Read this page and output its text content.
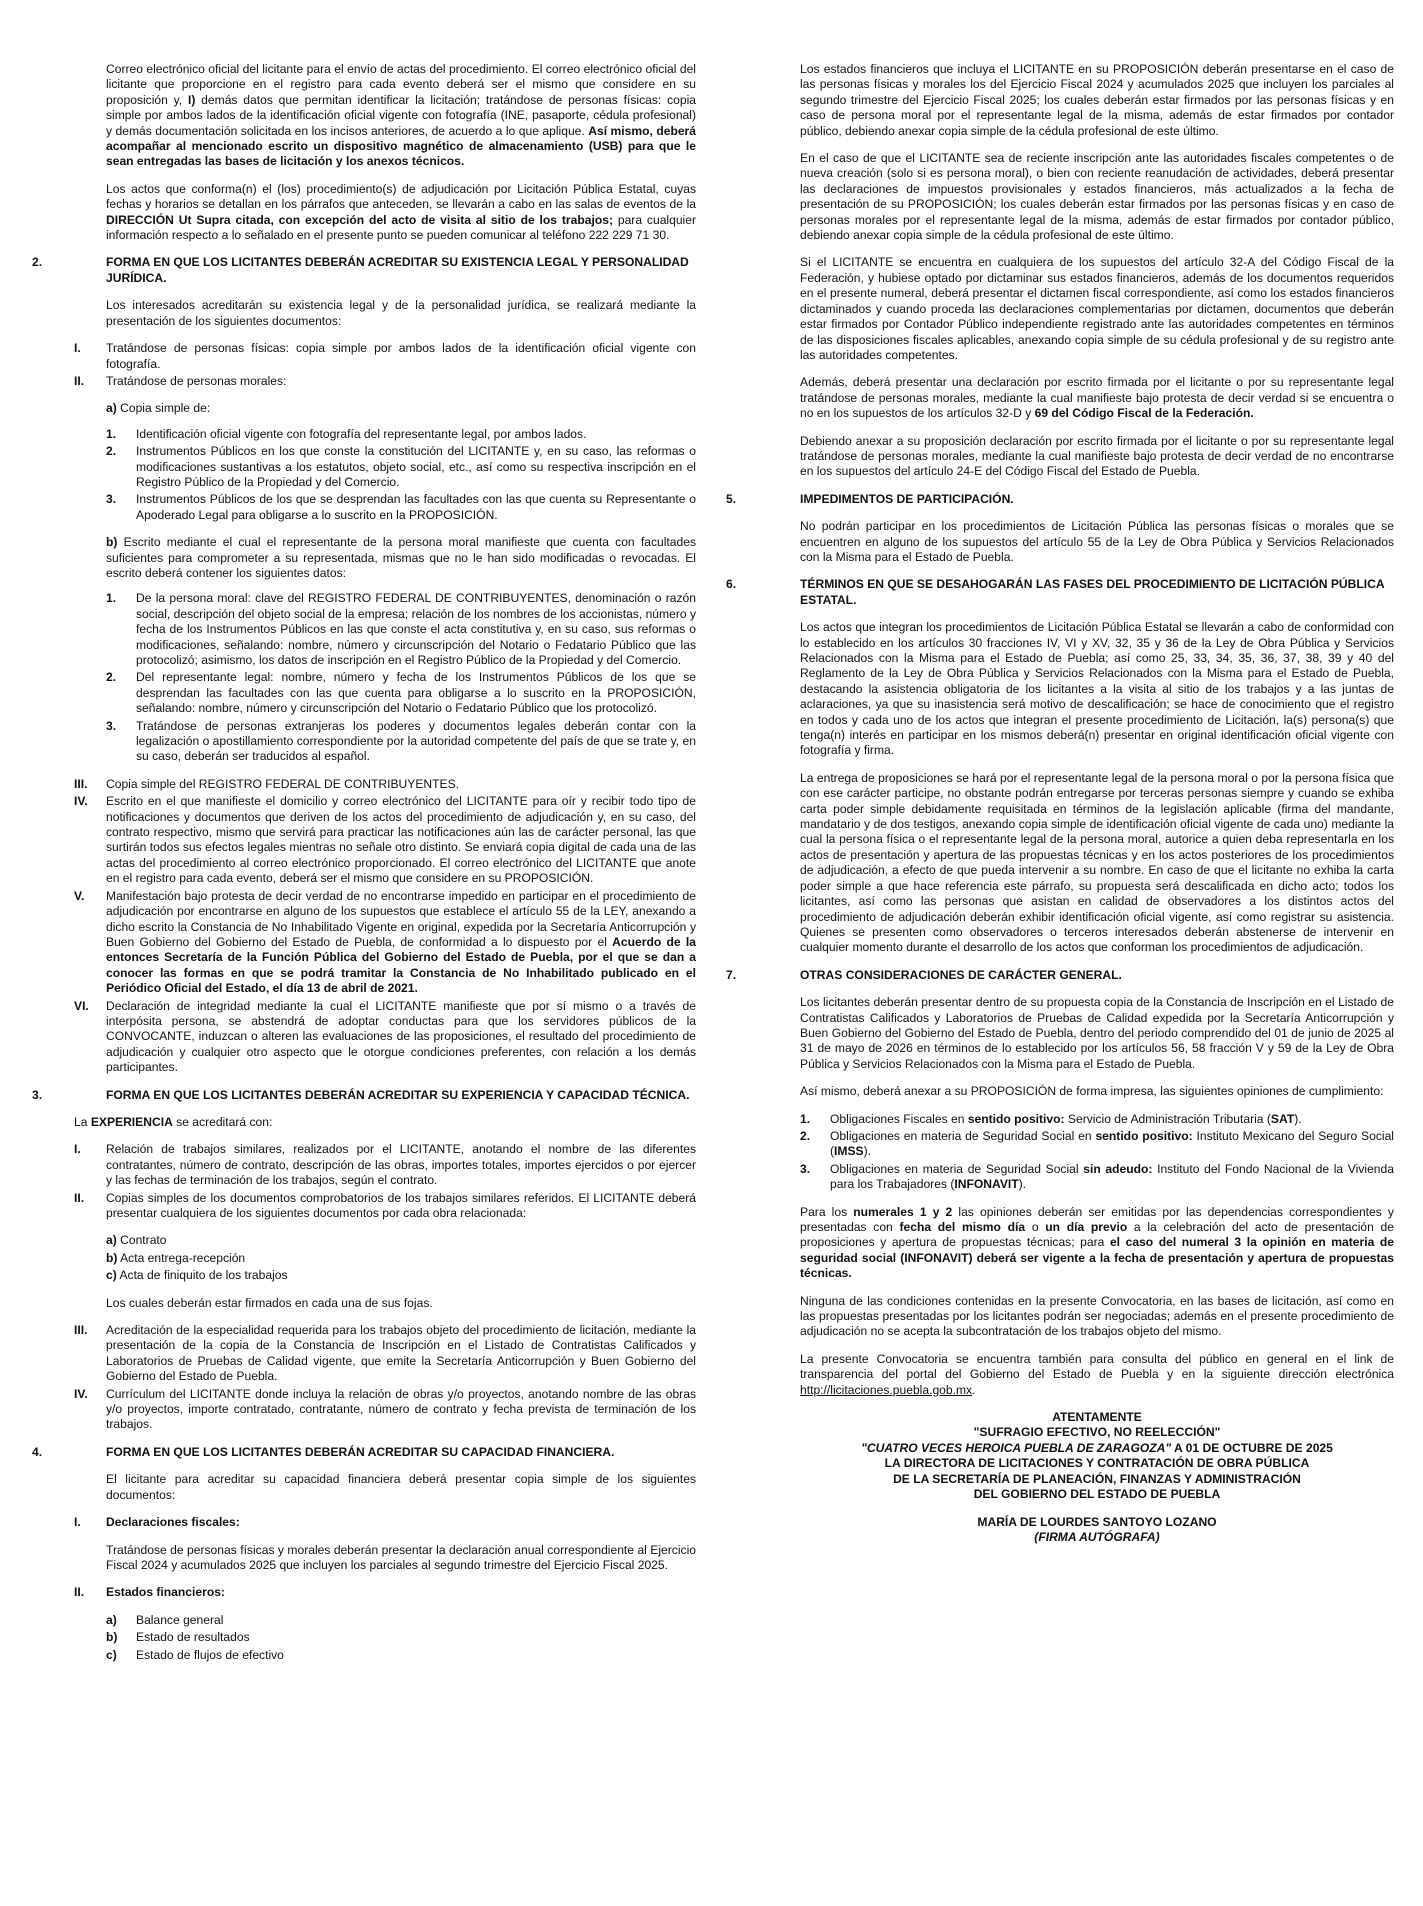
Correo electrónico oficial del licitante para el envío de actas del procedimiento. El correo electrónico oficial del licitante que proporcione en el registro para cada evento deberá ser el mismo que considere en su proposición y, I) demás datos que permitan identificar la licitación; tratándose de personas físicas: copia simple por ambos lados de la identificación oficial vigente con fotografía (INE, pasaporte, cédula profesional) y demás documentación solicitada en los incisos anteriores, de acuerdo a lo que aplique. Así mismo, deberá acompañar al mencionado escrito un dispositivo magnético de almacenamiento (USB) para que le sean entregadas las bases de licitación y los anexos técnicos.

Los actos que conforma(n) el (los) procedimiento(s) de adjudicación por Licitación Pública Estatal, cuyas fechas y horarios se detallan en los párrafos que anteceden, se llevarán a cabo en las salas de eventos de la DIRECCIÓN Ut Supra citada, con excepción del acto de visita al sitio de los trabajos; para cualquier información respecto a lo señalado en el presente punto se pueden comunicar al teléfono 222 229 71 30.

2.	FORMA EN QUE LOS LICITANTES DEBERÁN ACREDITAR SU EXISTENCIA LEGAL Y PERSONALIDAD JURÍDICA.

Los interesados acreditarán su existencia legal y de la personalidad jurídica, se realizará mediante la presentación de los siguientes documentos:

I.	Tratándose de personas físicas: copia simple por ambos lados de la identificación oficial vigente con fotografía.
II.	Tratándose de personas morales:

a) Copia simple de:

1.	Identificación oficial vigente con fotografía del representante legal, por ambos lados.
2.	Instrumentos Públicos en los que conste la constitución del LICITANTE y, en su caso, las reformas o modificaciones sustantivas a los estatutos, objeto social, etc., así como su respectiva inscripción en el Registro Público de la Propiedad y del Comercio.
3.	Instrumentos Públicos de los que se desprendan las facultades con las que cuenta su Representante o Apoderado Legal para obligarse a lo suscrito en la PROPOSICIÓN.

b) Escrito mediante el cual el representante de la persona moral manifieste que cuenta con facultades suficientes para comprometer a su representada, mismas que no le han sido modificadas o revocadas. El escrito deberá contener los siguientes datos:

1.	De la persona moral: clave del REGISTRO FEDERAL DE CONTRIBUYENTES, denominación o razón social, descripción del objeto social de la empresa; relación de los nombres de los accionistas, número y fecha de los Instrumentos Públicos en las que conste el acta constitutiva y, en su caso, sus reformas o modificaciones, señalando: nombre, número y circunscripción del Notario o Fedatario Público que las protocolizó; asimismo, los datos de inscripción en el Registro Público de la Propiedad y del Comercio.
2.	Del representante legal: nombre, número y fecha de los Instrumentos Públicos de los que se desprendan las facultades con las que cuenta para obligarse a lo suscrito en la PROPOSICIÓN, señalando: nombre, número y circunscripción del Notario o Fedatario Público que los protocolizó.
3.	Tratándose de personas extranjeras los poderes y documentos legales deberán contar con la legalización o apostillamiento correspondiente por la autoridad competente del país de que se trate y, en su caso, deberán ser traducidos al español.
III.	Copia simple del REGISTRO FEDERAL DE CONTRIBUYENTES.
IV.	Escrito en el que manifieste el domicilio y correo electrónico del LICITANTE para oír y recibir todo tipo de notificaciones y documentos que deriven de los actos del procedimiento de adjudicación y, en su caso, del contrato respectivo, mismo que servirá para practicar las notificaciones aún las de carácter personal, las que surtirán todos sus efectos legales mientras no señale otro distinto. Se enviará copia digital de cada una de las actas del procedimiento al correo electrónico proporcionado. El correo electrónico del LICITANTE que anote en el registro para cada evento, deberá ser el mismo que considere en su PROPOSICIÓN.
V.	Manifestación bajo protesta de decir verdad de no encontrarse impedido en participar en el procedimiento de adjudicación por encontrarse en alguno de los supuestos que establece el artículo 55 de la LEY, anexando a dicho escrito la Constancia de No Inhabilitado Vigente en original, expedida por la Secretaría Anticorrupción y Buen Gobierno del Gobierno del Estado de Puebla, de conformidad a lo dispuesto por el Acuerdo de la entonces Secretaría de la Función Pública del Gobierno del Estado de Puebla, por el que se dan a conocer las formas en que se podrá tramitar la Constancia de No Inhabilitado publicado en el Periódico Oficial del Estado, el día 13 de abril de 2021.
VI.	Declaración de integridad mediante la cual el LICITANTE manifieste que por sí mismo o a través de interpósita persona, se abstendrá de adoptar conductas para que los servidores públicos de la CONVOCANTE, induzcan o alteren las evaluaciones de las proposiciones, el resultado del procedimiento de adjudicación y cualquier otro aspecto que le otorgue condiciones preferentes, con relación a los demás participantes.
3.	FORMA EN QUE LOS LICITANTES DEBERÁN ACREDITAR SU EXPERIENCIA Y CAPACIDAD TÉCNICA.

La EXPERIENCIA se acreditará con:

I.	Relación de trabajos similares, realizados por el LICITANTE, anotando el nombre de las diferentes contratantes, número de contrato, descripción de las obras, importes totales, importes ejercidos o por ejercer y las fechas de terminación de los trabajos, según el contrato.
II.	Copias simples de los documentos comprobatorios de los trabajos similares referidos. El LICITANTE deberá presentar cualquiera de los siguientes documentos por cada obra relacionada:
a) Contrato
b) Acta entrega-recepción
c) Acta de finiquito de los trabajos

Los cuales deberán estar firmados en cada una de sus fojas.

III.	Acreditación de la especialidad requerida para los trabajos objeto del procedimiento de licitación, mediante la presentación de la copia de la Constancia de Inscripción en el Listado de Contratistas Calificados y Laboratorios de Pruebas de Calidad vigente, que emite la Secretaría Anticorrupción y Buen Gobierno del Gobierno del Estado de Puebla.
IV.	Currículum del LICITANTE donde incluya la relación de obras y/o proyectos, anotando nombre de las obras y/o proyectos, importe contratado, contratante, número de contrato y fecha prevista de terminación de los trabajos.
4.	FORMA EN QUE LOS LICITANTES DEBERÁN ACREDITAR SU CAPACIDAD FINANCIERA.

El licitante para acreditar su capacidad financiera deberá presentar copia simple de los siguientes documentos:

I.	Declaraciones fiscales:

Tratándose de personas físicas y morales deberán presentar la declaración anual correspondiente al Ejercicio Fiscal 2024 y acumulados 2025 que incluyen los parciales al segundo trimestre del Ejercicio Fiscal 2025.

II.	Estados financieros:
a)	Balance general
b)	Estado de resultados
c)	Estado de flujos de efectivo

Los estados financieros que incluya el LICITANTE en su PROPOSICIÓN deberán presentarse en el caso de las personas físicas y morales los del Ejercicio Fiscal 2024 y acumulados 2025 que incluyen los parciales al segundo trimestre del Ejercicio Fiscal 2025; los cuales deberán estar firmados por las personas físicas y en caso de persona moral por el representante legal de la misma, además de estar firmados por contador público, debiendo anexar copia simple de la cédula profesional de este último.

En el caso de que el LICITANTE sea de reciente inscripción ante las autoridades fiscales competentes o de nueva creación (solo si es persona moral), o bien con reciente reanudación de actividades, deberá presentar las declaraciones de impuestos provisionales y estados financieros, más actualizados a la fecha de presentación de su PROPOSICIÓN; los cuales deberán estar firmados por las personas físicas y en caso de personas morales por el representante legal de la misma, además de estar firmados por contador público, debiendo anexar copia simple de la cédula profesional de este último.

Si el LICITANTE se encuentra en cualquiera de los supuestos del artículo 32-A del Código Fiscal de la Federación, y hubiese optado por dictaminar sus estados financieros, además de los documentos requeridos en el presente numeral, deberá presentar el dictamen fiscal correspondiente, así como los estados financieros dictaminados y cuando proceda las declaraciones complementarias por dictamen, documentos que deberán estar firmados por Contador Público independiente registrado ante las autoridades competentes en términos de las disposiciones fiscales aplicables, anexando copia simple de su cédula profesional y de su registro ante las autoridades competentes.

Además, deberá presentar una declaración por escrito firmada por el licitante o por su representante legal tratándose de personas morales, mediante la cual manifieste bajo protesta de decir verdad si se encuentra o no en los supuestos de los artículos 32-D y 69 del Código Fiscal de la Federación.

Debiendo anexar a su proposición declaración por escrito firmada por el licitante o por su representante legal tratándose de personas morales, mediante la cual manifieste bajo protesta de decir verdad de no encontrarse en los supuestos del artículo 24-E del Código Fiscal del Estado de Puebla.

5.	IMPEDIMENTOS DE PARTICIPACIÓN.

No podrán participar en los procedimientos de Licitación Pública las personas físicas o morales que se encuentren en alguno de los supuestos del artículo 55 de la Ley de Obra Pública y Servicios Relacionados con la Misma para el Estado de Puebla.

6.	TÉRMINOS EN QUE SE DESAHOGARÁN LAS FASES DEL PROCEDIMIENTO DE LICITACIÓN PÚBLICA ESTATAL.

Los actos que integran los procedimientos de Licitación Pública Estatal se llevarán a cabo de conformidad con lo establecido en los artículos 30 fracciones IV, VI y XV, 32, 35 y 36 de la Ley de Obra Pública y Servicios Relacionados con la Misma para el Estado de Puebla; así como 25, 33, 34, 35, 36, 37, 38, 39 y 40 del Reglamento de la Ley de Obra Pública y Servicios Relacionados con la Misma para el Estado de Puebla, destacando la asistencia obligatoria de los licitantes a la visita al sitio de los trabajos y a las juntas de aclaraciones, ya que su inasistencia será motivo de descalificación; se hace de conocimiento que el registro en todos y cada uno de los actos que integran el presente procedimiento de Licitación, la(s) persona(s) que tenga(n) interés en participar en los mismos deberá(n) presentar en original identificación oficial vigente con fotografía y firma.

La entrega de proposiciones se hará por el representante legal de la persona moral o por la persona física que con ese carácter participe, no obstante podrán entregarse por terceras personas siempre y cuando se exhiba carta poder simple debidamente requisitada en términos de la legislación aplicable (firma del mandante, mandatario y de dos testigos, anexando copia simple de identificación oficial vigente de cada uno) mediante la cual la persona física o el representante legal de la persona moral, autorice a quien deba representarla en los actos de presentación y apertura de las propuestas técnicas y en los actos posteriores de los procedimientos de adjudicación, a efecto de que pueda intervenir a su nombre. En caso de que el licitante no exhiba la carta poder simple a que hace referencia este párrafo, su propuesta será descalificada en dicho acto; todos los licitantes, así como las personas que asistan en calidad de observadores a los distintos actos del procedimiento de adjudicación deberán exhibir identificación oficial vigente, así como registrar su asistencia. Quienes se presenten como observadores o terceros interesados deberán abstenerse de intervenir en cualquier momento durante el desarrollo de los actos que conforman los procedimientos de adjudicación.

7.	OTRAS CONSIDERACIONES DE CARÁCTER GENERAL.

Los licitantes deberán presentar dentro de su propuesta copia de la Constancia de Inscripción en el Listado de Contratistas Calificados y Laboratorios de Pruebas de Calidad expedida por la Secretaría Anticorrupción y Buen Gobierno del Gobierno del Estado de Puebla, dentro del periodo comprendido del 01 de junio de 2025 al 31 de mayo de 2026 en términos de lo establecido por los artículos 56, 58 fracción V y 59 de la Ley de Obra Pública y Servicios Relacionados con la Misma para el Estado de Puebla.

Así mismo, deberá anexar a su PROPOSICIÓN de forma impresa, las siguientes opiniones de cumplimiento:

1.	Obligaciones Fiscales en sentido positivo: Servicio de Administración Tributaria (SAT).
2.	Obligaciones en materia de Seguridad Social en sentido positivo: Instituto Mexicano del Seguro Social (IMSS).
3.	Obligaciones en materia de Seguridad Social sin adeudo: Instituto del Fondo Nacional de la Vivienda para los Trabajadores (INFONAVIT).

Para los numerales 1 y 2 las opiniones deberán ser emitidas por las dependencias correspondientes y presentadas con fecha del mismo día o un día previo a la celebración del acto de presentación de proposiciones y apertura de propuestas técnicas; para el caso del numeral 3 la opinión en materia de seguridad social (INFONAVIT) deberá ser vigente a la fecha de presentación y apertura de propuestas técnicas.

Ninguna de las condiciones contenidas en la presente Convocatoria, en las bases de licitación, así como en las propuestas presentadas por los licitantes podrán ser negociadas; además en el presente procedimiento de adjudicación no se acepta la subcontratación de los trabajos objeto del mismo.

La presente Convocatoria se encuentra también para consulta del público en general en el link de transparencia del portal del Gobierno del Estado de Puebla y en la siguiente dirección electrónica http://licitaciones.puebla.gob.mx.

ATENTAMENTE

"SUFRAGIO EFECTIVO, NO REELECCIÓN"

"CUATRO VECES HEROICA PUEBLA DE ZARAGOZA" A 01 DE OCTUBRE DE 2025

LA DIRECTORA DE LICITACIONES Y CONTRATACIÓN DE OBRA PÚBLICA

DE LA SECRETARÍA DE PLANEACIÓN, FINANZAS Y ADMINISTRACIÓN

DEL GOBIERNO DEL ESTADO DE PUEBLA

MARÍA DE LOURDES SANTOYO LOZANO

(FIRMA AUTÓGRAFA)
